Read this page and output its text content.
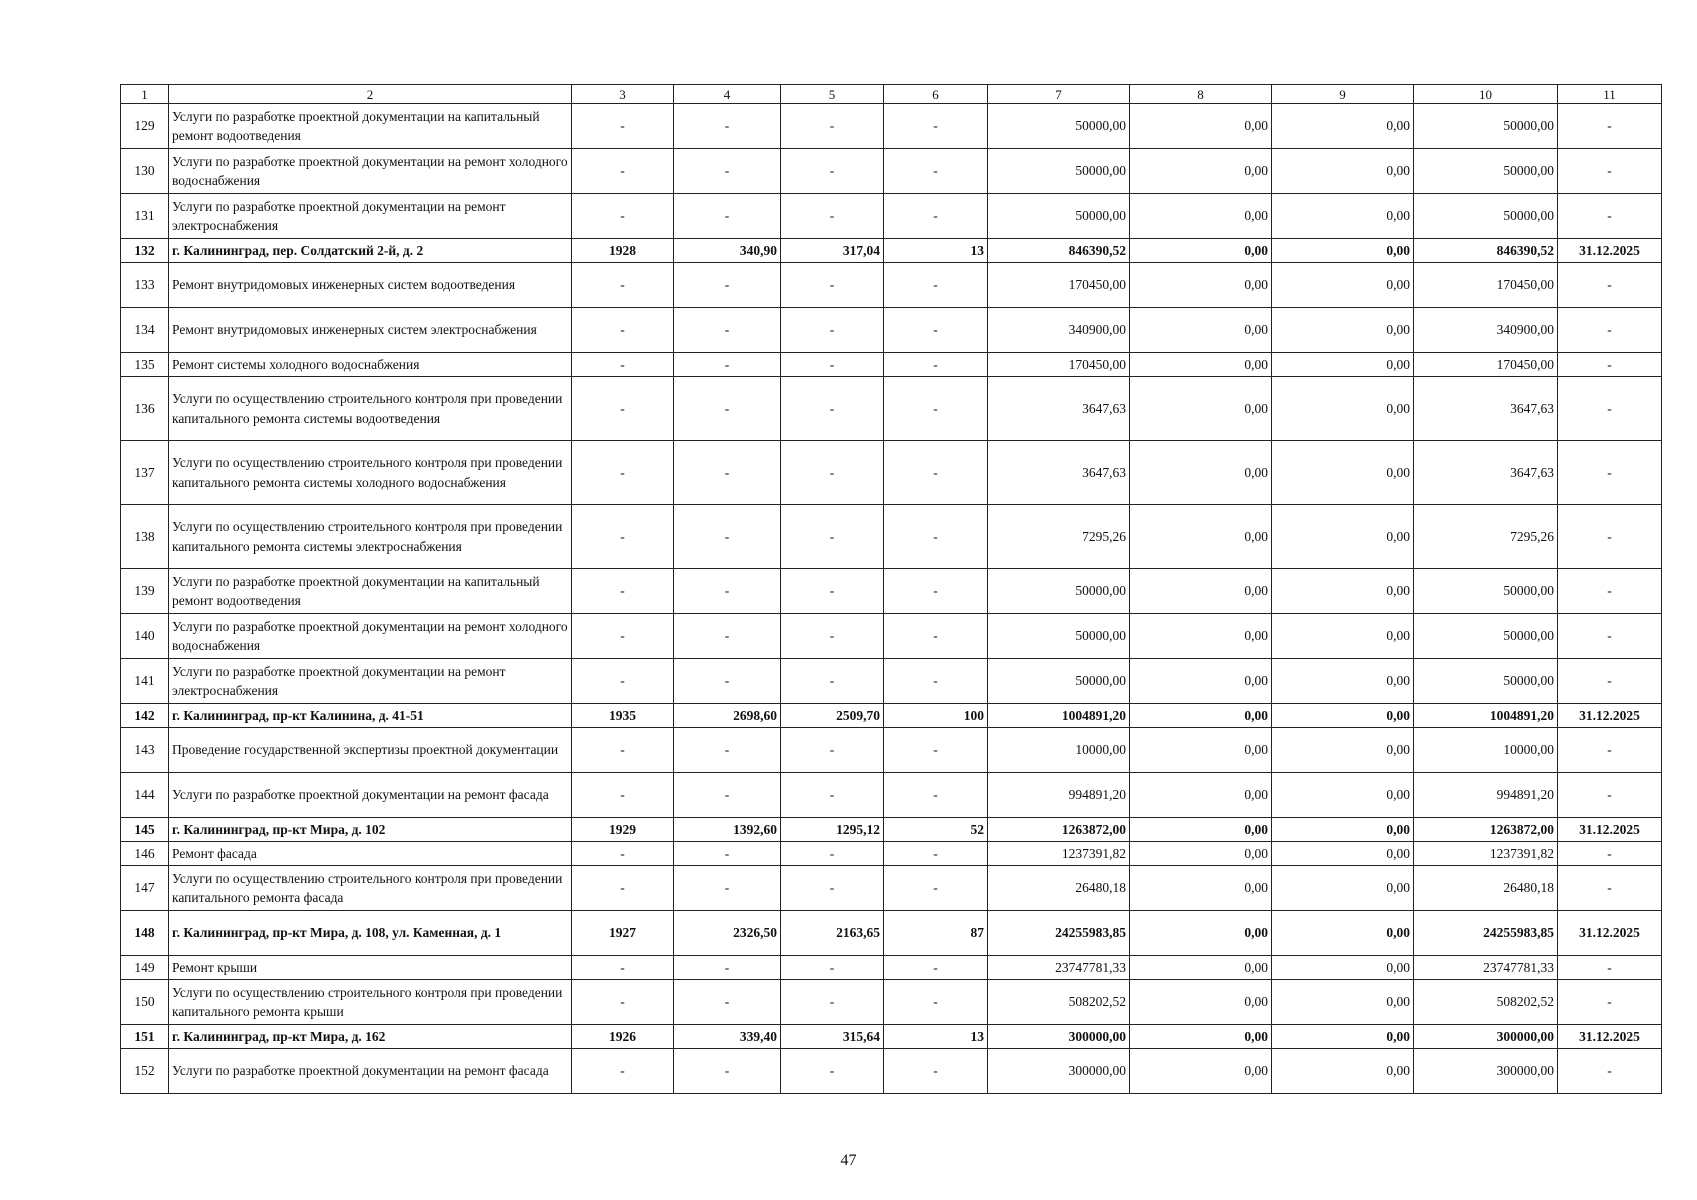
1	2	3	4	5	6	7	8	9	10	11
129	Услуги по разработке проектной документации на капитальный ремонт водоотведения	-	-	-	-	50000,00	0,00	0,00	50000,00	-
130	Услуги по разработке проектной документации на ремонт холодного водоснабжения	-	-	-	-	50000,00	0,00	0,00	50000,00	-
131	Услуги по разработке проектной документации на ремонт электроснабжения	-	-	-	-	50000,00	0,00	0,00	50000,00	-
132	г. Калининград, пер. Солдатский 2-й, д. 2	1928	340,90	317,04	13	846390,52	0,00	0,00	846390,52	31.12.2025
133	Ремонт внутридомовых инженерных систем водоотведения	-	-	-	-	170450,00	0,00	0,00	170450,00	-
134	Ремонт внутридомовых инженерных систем электроснабжения	-	-	-	-	340900,00	0,00	0,00	340900,00	-
135	Ремонт системы холодного водоснабжения	-	-	-	-	170450,00	0,00	0,00	170450,00	-
136	Услуги по осуществлению строительного контроля при проведении капитального ремонта системы водоотведения	-	-	-	-	3647,63	0,00	0,00	3647,63	-
137	Услуги по осуществлению строительного контроля при проведении капитального ремонта системы холодного водоснабжения	-	-	-	-	3647,63	0,00	0,00	3647,63	-
138	Услуги по осуществлению строительного контроля при проведении капитального ремонта системы электроснабжения	-	-	-	-	7295,26	0,00	0,00	7295,26	-
139	Услуги по разработке проектной документации на капитальный ремонт водоотведения	-	-	-	-	50000,00	0,00	0,00	50000,00	-
140	Услуги по разработке проектной документации на ремонт холодного водоснабжения	-	-	-	-	50000,00	0,00	0,00	50000,00	-
141	Услуги по разработке проектной документации на ремонт электроснабжения	-	-	-	-	50000,00	0,00	0,00	50000,00	-
142	г. Калининград, пр-кт Калинина, д. 41-51	1935	2698,60	2509,70	100	1004891,20	0,00	0,00	1004891,20	31.12.2025
143	Проведение государственной экспертизы проектной документации	-	-	-	-	10000,00	0,00	0,00	10000,00	-
144	Услуги по разработке проектной документации на ремонт фасада	-	-	-	-	994891,20	0,00	0,00	994891,20	-
145	г. Калининград, пр-кт Мира, д. 102	1929	1392,60	1295,12	52	1263872,00	0,00	0,00	1263872,00	31.12.2025
146	Ремонт фасада	-	-	-	-	1237391,82	0,00	0,00	1237391,82	-
147	Услуги по осуществлению строительного контроля при проведении капитального ремонта фасада	-	-	-	-	26480,18	0,00	0,00	26480,18	-
148	г. Калининград, пр-кт Мира, д. 108, ул. Каменная, д. 1	1927	2326,50	2163,65	87	24255983,85	0,00	0,00	24255983,85	31.12.2025
149	Ремонт крыши	-	-	-	-	23747781,33	0,00	0,00	23747781,33	-
150	Услуги по осуществлению строительного контроля при проведении капитального ремонта крыши	-	-	-	-	508202,52	0,00	0,00	508202,52	-
151	г. Калининград, пр-кт Мира, д. 162	1926	339,40	315,64	13	300000,00	0,00	0,00	300000,00	31.12.2025
152	Услуги по разработке проектной документации на ремонт фасада	-	-	-	-	300000,00	0,00	0,00	300000,00	-
47
